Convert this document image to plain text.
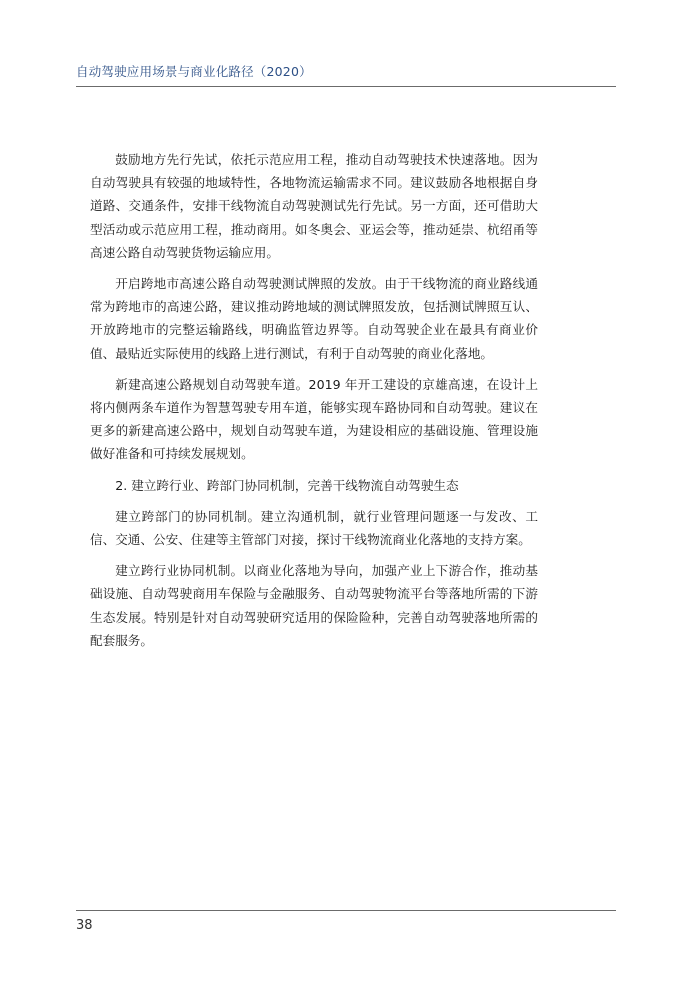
自动驾驶应用场景与商业化路径（2020）

鼓励地方先行先试，依托示范应用工程，推动自动驾驶技术快速落地。因为自动驾驶具有较强的地域特性，各地物流运输需求不同。建议鼓励各地根据自身道路、交通条件，安排干线物流自动驾驶测试先行先试。另一方面，还可借助大型活动或示范应用工程，推动商用。如冬奥会、亚运会等，推动延崇、杭绍甬等高速公路自动驾驶货物运输应用。

开启跨地市高速公路自动驾驶测试牌照的发放。由于干线物流的商业路线通常为跨地市的高速公路，建议推动跨地域的测试牌照发放，包括测试牌照互认、开放跨地市的完整运输路线，明确监管边界等。自动驾驶企业在最具有商业价值、最贴近实际使用的线路上进行测试，有利于自动驾驶的商业化落地。

新建高速公路规划自动驾驶车道。2019 年开工建设的京雄高速，在设计上将内侧两条车道作为智慧驾驶专用车道，能够实现车路协同和自动驾驶。建议在更多的新建高速公路中，规划自动驾驶车道，为建设相应的基础设施、管理设施做好准备和可持续发展规划。

2. 建立跨行业、跨部门协同机制，完善干线物流自动驾驶生态

建立跨部门的协同机制。建立沟通机制，就行业管理问题逐一与发改、工信、交通、公安、住建等主管部门对接，探讨干线物流商业化落地的支持方案。

建立跨行业协同机制。以商业化落地为导向，加强产业上下游合作，推动基础设施、自动驾驶商用车保险与金融服务、自动驾驶物流平台等落地所需的下游生态发展。特别是针对自动驾驶研究适用的保险险种，完善自动驾驶落地所需的配套服务。

38
